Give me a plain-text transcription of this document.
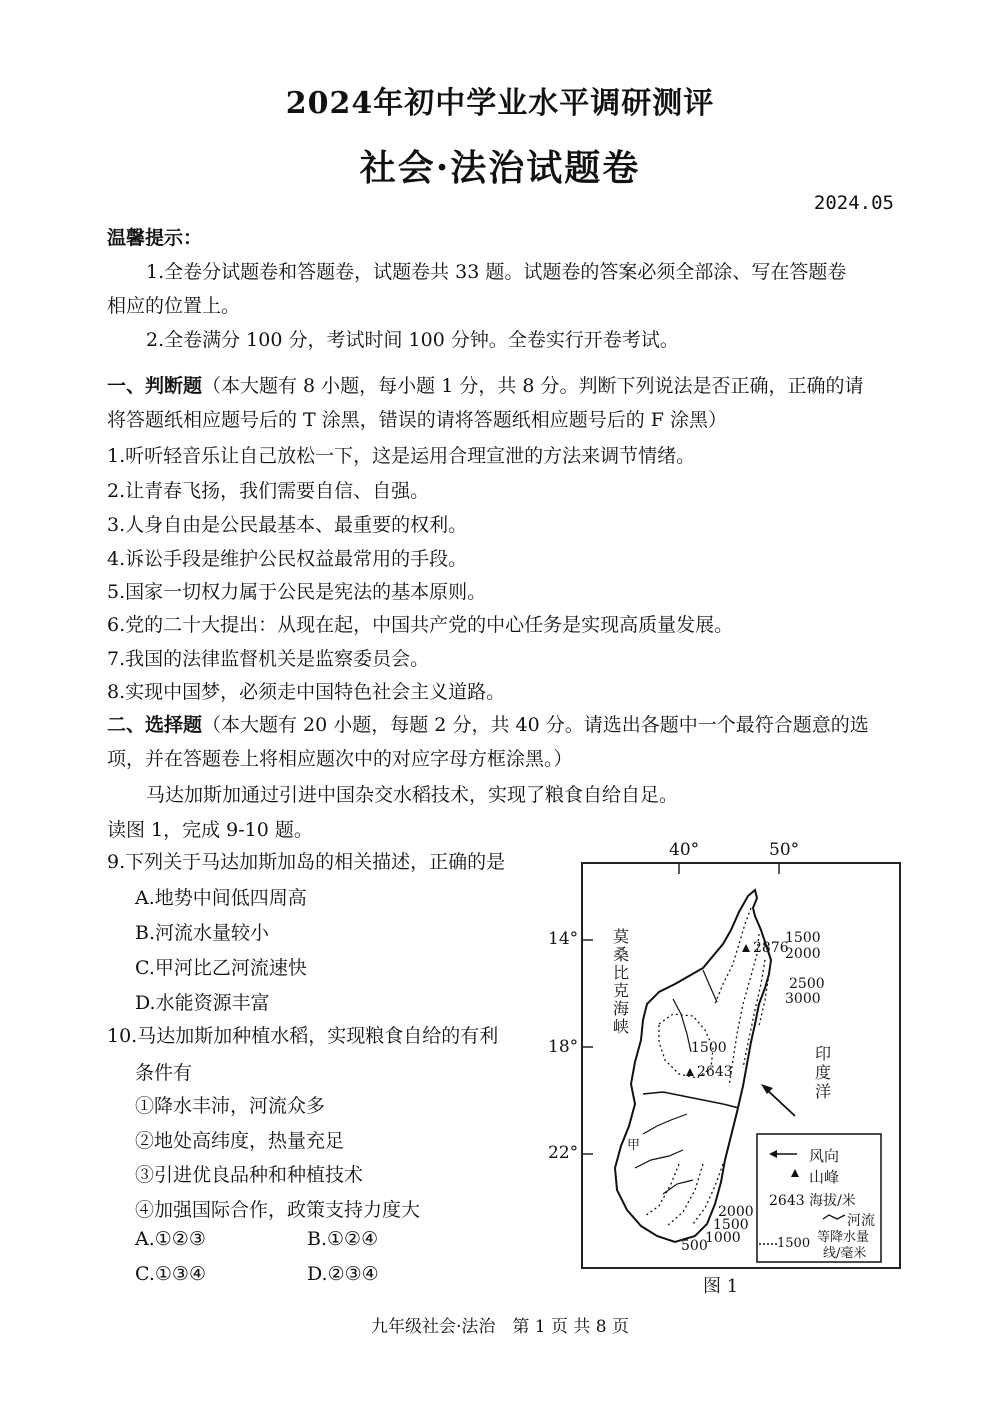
2024年初中学业水平调研测评
社会·法治试题卷
2024.05
温馨提示：
1.全卷分试题卷和答题卷，试题卷共 33 题。试题卷的答案必须全部涂、写在答题卷
相应的位置上。
2.全卷满分 100 分，考试时间 100 分钟。全卷实行开卷考试。
一、判断题（本大题有 8 小题，每小题 1 分，共 8 分。判断下列说法是否正确，正确的请
将答题纸相应题号后的 T 涂黑，错误的请将答题纸相应题号后的 F 涂黑）
1.听听轻音乐让自己放松一下，这是运用合理宣泄的方法来调节情绪。
2.让青春飞扬，我们需要自信、自强。
3.人身自由是公民最基本、最重要的权利。
4.诉讼手段是维护公民权益最常用的手段。
5.国家一切权力属于公民是宪法的基本原则。
6.党的二十大提出：从现在起，中国共产党的中心任务是实现高质量发展。
7.我国的法律监督机关是监察委员会。
8.实现中国梦，必须走中国特色社会主义道路。
二、选择题（本大题有 20 小题，每题 2 分，共 40 分。请选出各题中一个最符合题意的选
项，并在答题卷上将相应题次中的对应字母方框涂黑。）
马达加斯加通过引进中国杂交水稻技术，实现了粮食自给自足。
读图 1，完成 9-10 题。
9.下列关于马达加斯加岛的相关描述，正确的是
A.地势中间低四周高
B.河流水量较小
C.甲河比乙河流速快
D.水能资源丰富
10.马达加斯加种植水稻，实现粮食自给的有利
条件有
①降水丰沛，河流众多
②地处高纬度，热量充足
③引进优良品种和种植技术
④加强国际合作，政策支持力度大
A.①②③	B.①②④
C.①③④	D.②③④
40°	50°
14°
18°
22°
莫桑比克海峡
印度洋
2876
2643
1500
2000
2500
3000
1500
甲
2000
1500
1000
500
风向
山峰
2643 海拔/米
河流
1500 等降水量
线/毫米
图 1
九年级社会·法治　第 1 页 共 8 页
